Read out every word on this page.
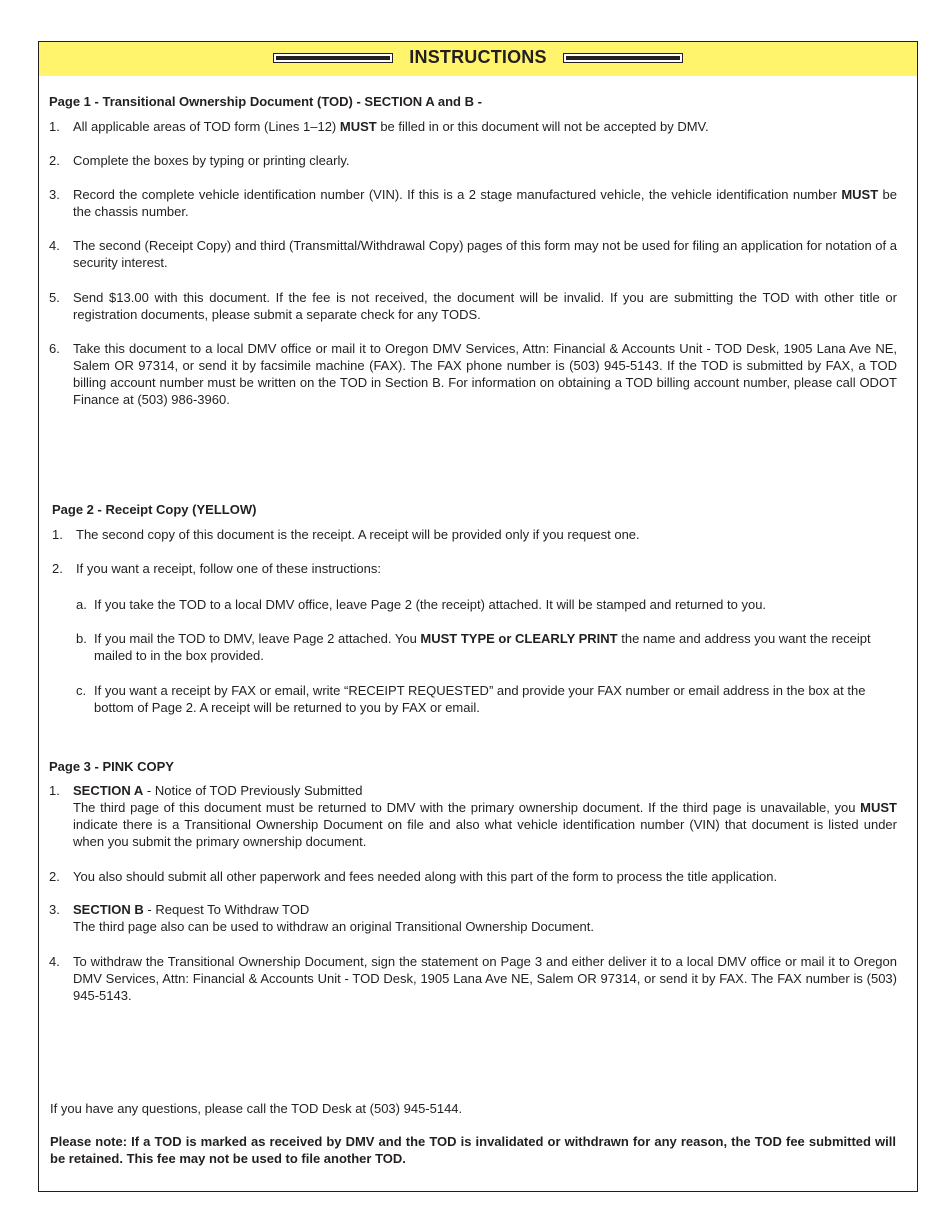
INSTRUCTIONS
Page 1 - Transitional Ownership Document (TOD) - SECTION A and B -
1. All applicable areas of TOD form (Lines 1–12) MUST be filled in or this document will not be accepted by DMV.
2. Complete the boxes by typing or printing clearly.
3. Record the complete vehicle identification number (VIN). If this is a 2 stage manufactured vehicle, the vehicle identification number MUST be the chassis number.
4. The second (Receipt Copy) and third (Transmittal/Withdrawal Copy) pages of this form may not be used for filing an application for notation of a security interest.
5. Send $13.00 with this document. If the fee is not received, the document will be invalid. If you are submitting the TOD with other title or registration documents, please submit a separate check for any TODS.
6. Take this document to a local DMV office or mail it to Oregon DMV Services, Attn: Financial & Accounts Unit - TOD Desk, 1905 Lana Ave NE, Salem OR 97314, or send it by facsimile machine (FAX). The FAX phone number is (503) 945-5143. If the TOD is submitted by FAX, a TOD billing account number must be written on the TOD in Section B. For information on obtaining a TOD billing account number, please call ODOT Finance at (503) 986-3960.
Page 2 - Receipt Copy (YELLOW)
1. The second copy of this document is the receipt. A receipt will be provided only if you request one.
2. If you want a receipt, follow one of these instructions:
a. If you take the TOD to a local DMV office, leave Page 2 (the receipt) attached. It will be stamped and returned to you.
b. If you mail the TOD to DMV, leave Page 2 attached. You MUST TYPE or CLEARLY PRINT the name and address you want the receipt mailed to in the box provided.
c. If you want a receipt by FAX or email, write “RECEIPT REQUESTED” and provide your FAX number or email address in the box at the bottom of Page 2. A receipt will be returned to you by FAX or email.
Page 3 - PINK COPY
1. SECTION A - Notice of TOD Previously Submitted
The third page of this document must be returned to DMV with the primary ownership document. If the third page is unavailable, you MUST indicate there is a Transitional Ownership Document on file and also what vehicle identification number (VIN) that document is listed under when you submit the primary ownership document.
2. You also should submit all other paperwork and fees needed along with this part of the form to process the title application.
3. SECTION B - Request To Withdraw TOD
The third page also can be used to withdraw an original Transitional Ownership Document.
4. To withdraw the Transitional Ownership Document, sign the statement on Page 3 and either deliver it to a local DMV office or mail it to Oregon DMV Services, Attn: Financial & Accounts Unit - TOD Desk, 1905 Lana Ave NE, Salem OR 97314, or send it by FAX. The FAX number is (503) 945-5143.
If you have any questions, please call the TOD Desk at (503) 945-5144.
Please note: If a TOD is marked as received by DMV and the TOD is invalidated or withdrawn for any reason, the TOD fee submitted will be retained. This fee may not be used to file another TOD.
